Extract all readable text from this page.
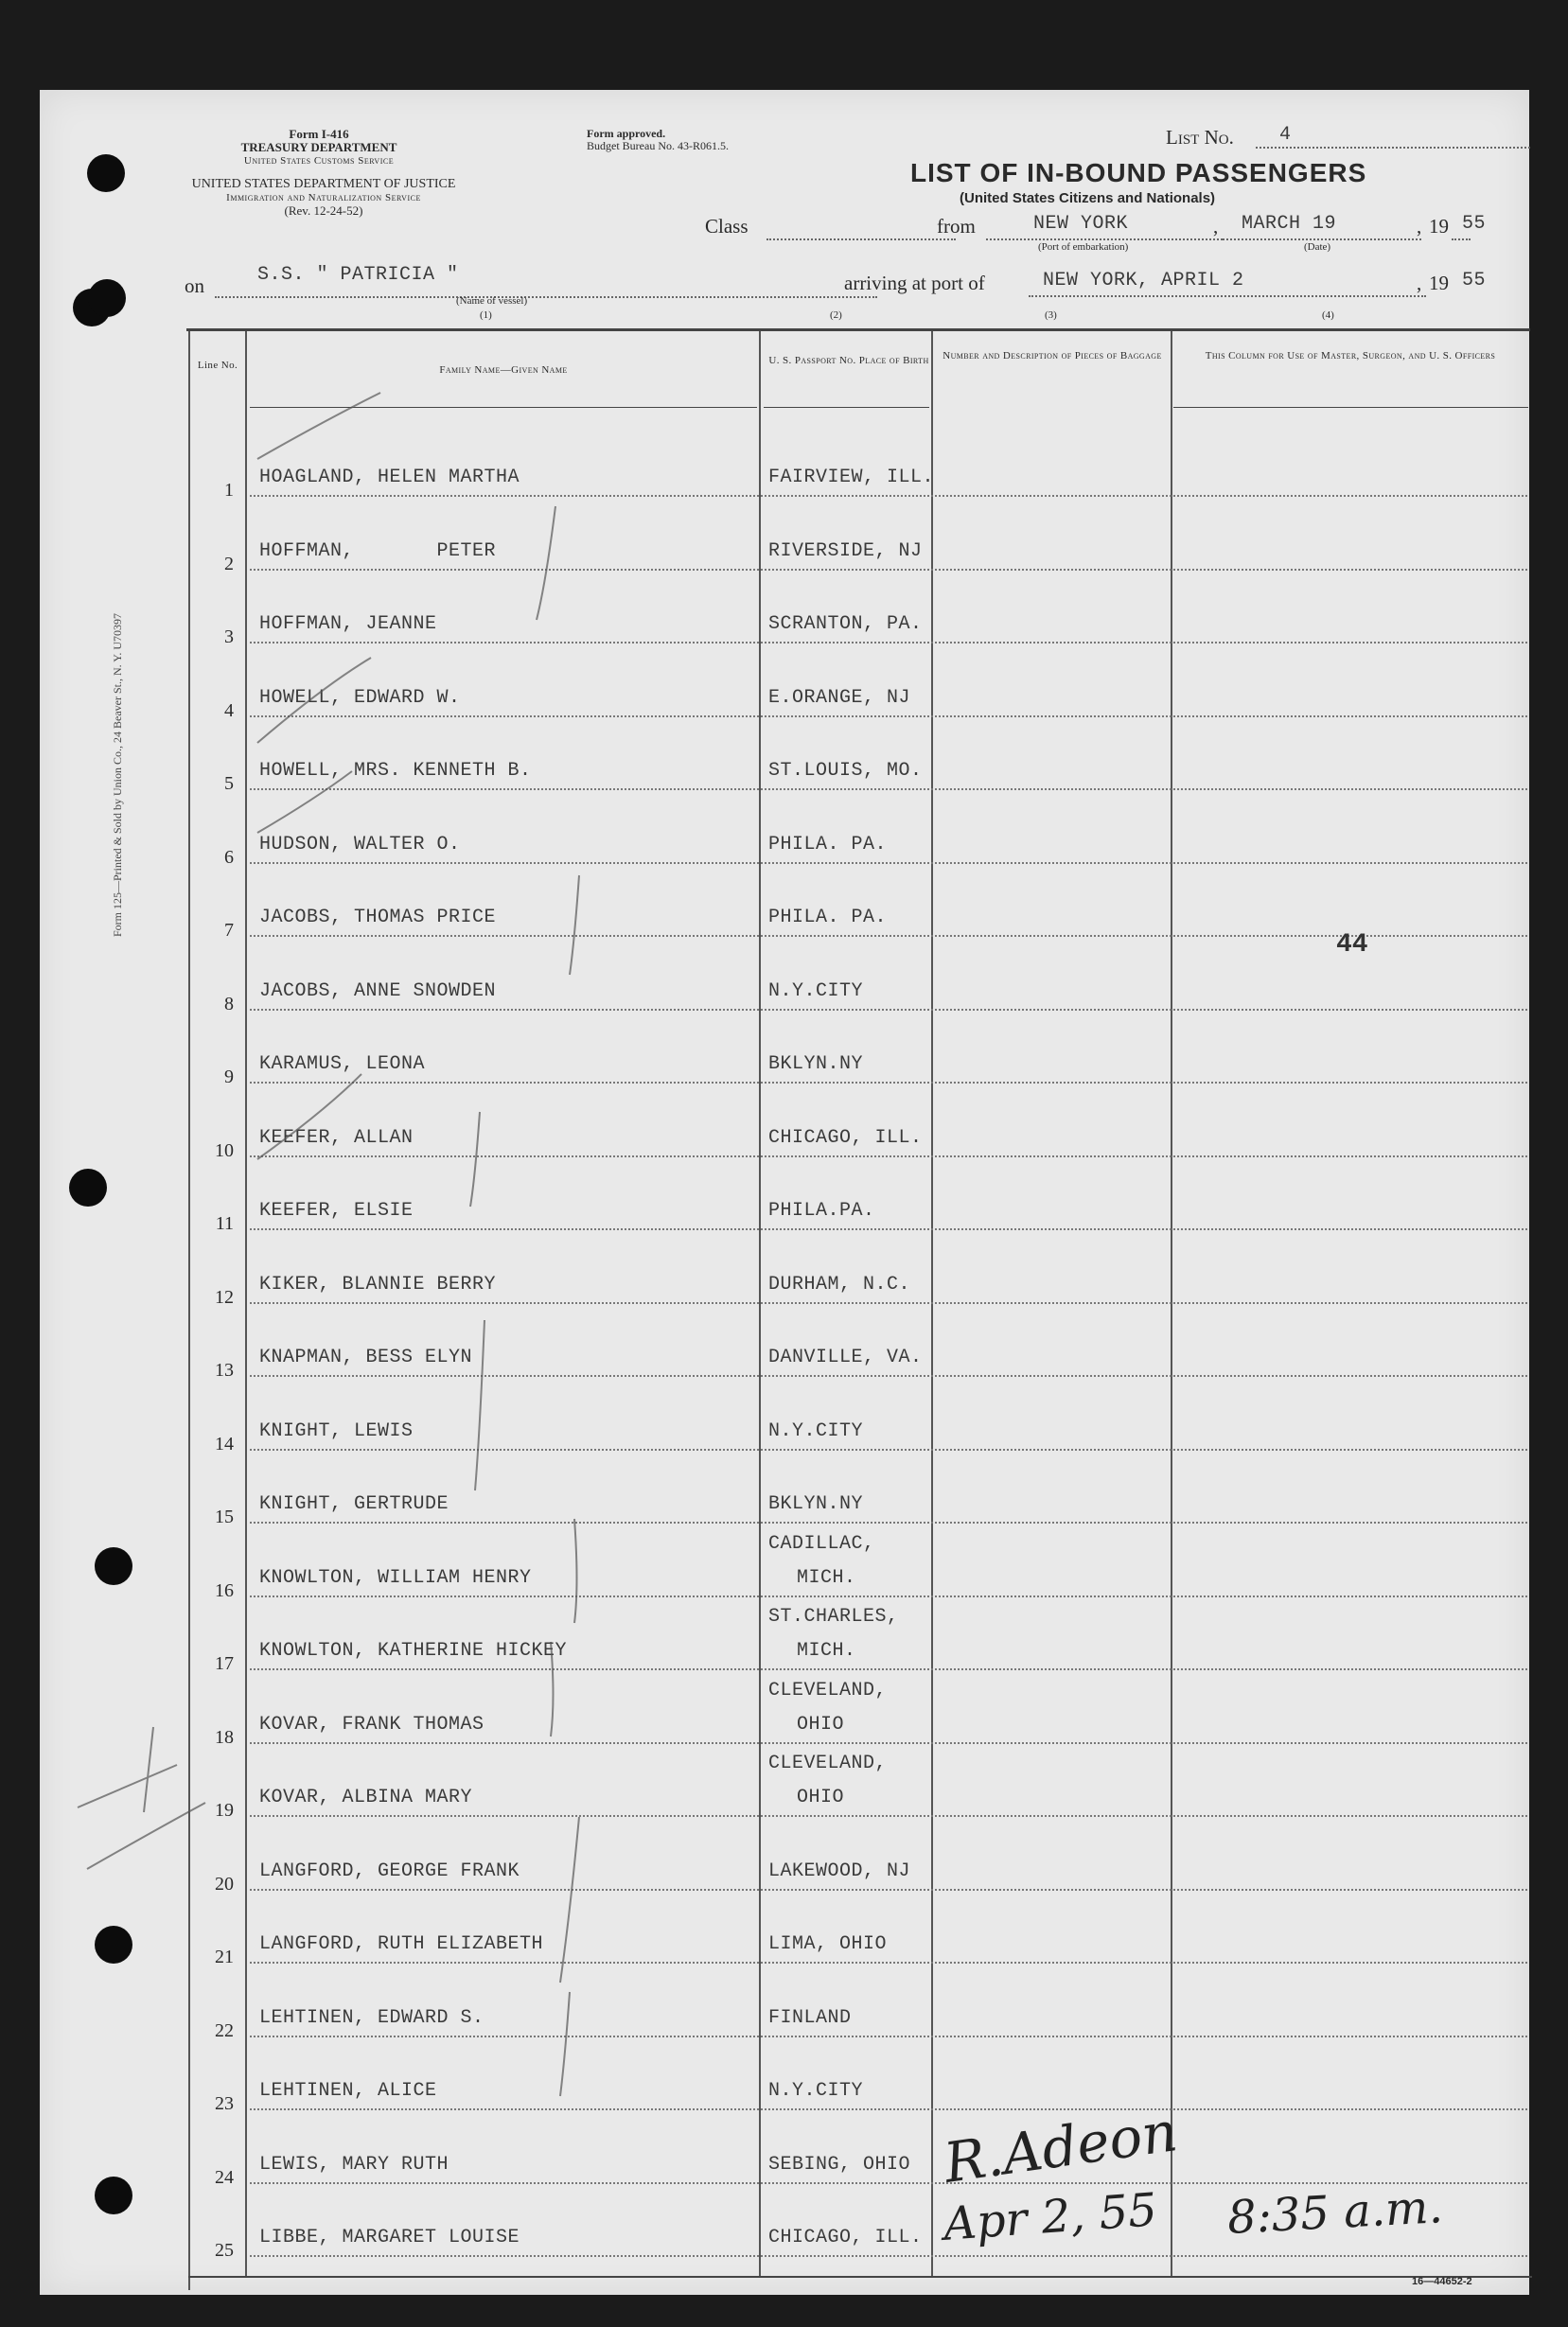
Form I-416
TREASURY DEPARTMENT
United States Customs Service
UNITED STATES DEPARTMENT OF JUSTICE
Immigration and Naturalization Service
(Rev. 12-24-52)
Form approved.
Budget Bureau No. 43-R061.5.	List No. 4
LIST OF IN-BOUND PASSENGERS
(United States Citizens and Nationals)
Class	from	NEW YORK
(Port of embarkation)
, MARCH 19
(Date)
, 19 55
on	S.S. " PATRICIA "
(Name of vessel)
arriving at port of	NEW YORK, APRIL 2	, 19 55
(1)	(2)	(3)	(4)
Line No.	Family Name—Given Name
U. S. Passport No. Place of Birth	Number and Description of Pieces of Baggage	This Column for Use of Master, Surgeon, and U. S. Officers
1
HOAGLAND, HELEN MARTHA	FAIRVIEW, ILL.
2
HOFFMAN,       PETER	RIVERSIDE, NJ
3
HOFFMAN, JEANNE	SCRANTON, PA.
4
HOWELL, EDWARD W.	E.ORANGE, NJ
5
HOWELL, MRS. KENNETH B.	ST.LOUIS, MO.
6
HUDSON, WALTER O.	PHILA. PA.
7
JACOBS, THOMAS PRICE	PHILA. PA.
8
JACOBS, ANNE SNOWDEN	N.Y.CITY
9
KARAMUS, LEONA	BKLYN.NY
10
KEEFER, ALLAN	CHICAGO, ILL.
11
KEEFER, ELSIE	PHILA.PA.
12
KIKER, BLANNIE BERRY	DURHAM, N.C.
13
KNAPMAN, BESS ELYN	DANVILLE, VA.
14
KNIGHT, LEWIS	N.Y.CITY
15
KNIGHT, GERTRUDE	BKLYN.NY
16
KNOWLTON, WILLIAM HENRY
CADILLAC,
MICH.
17
KNOWLTON, KATHERINE HICKEY
ST.CHARLES,
MICH.
18
KOVAR, FRANK THOMAS
CLEVELAND,
OHIO
19
KOVAR, ALBINA MARY
CLEVELAND,
OHIO
20
LANGFORD, GEORGE FRANK	LAKEWOOD, NJ
21
LANGFORD, RUTH ELIZABETH	LIMA, OHIO
22
LEHTINEN, EDWARD S.	FINLAND
23
LEHTINEN, ALICE	N.Y.CITY
24
LEWIS, MARY RUTH	SEBING, OHIO
25
LIBBE, MARGARET LOUISE	CHICAGO, ILL.
44
R.Adeon
Apr 2, 55 8:35 a.m.
Form 125—Printed & Sold by Union Co., 24 Beaver St., N. Y. U70397
16—44652-2
